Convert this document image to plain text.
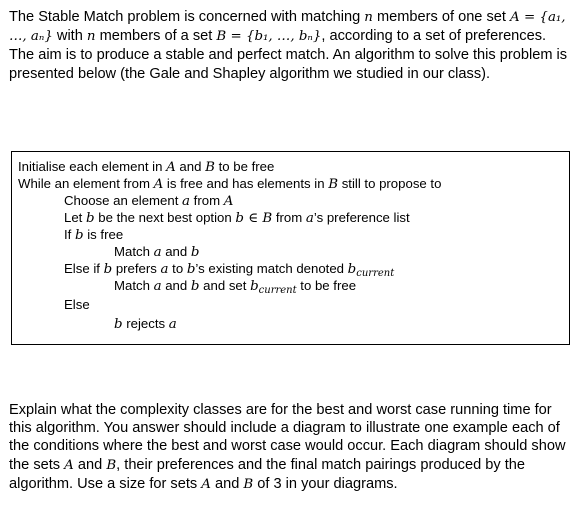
The Stable Match problem is concerned with matching n members of one set A = {a₁, …, aₙ} with n members of a set B = {b₁, …, bₙ}, according to a set of preferences. The aim is to produce a stable and perfect match. An algorithm to solve this problem is presented below (the Gale and Shapley algorithm we studied in our class).

Initialise each element in A and B to be free
While an element from A is free and has elements in B still to propose to
Choose an element a from A
Let b be the next best option b ∈ B from a’s preference list
If b is free
Match a and b
Else if b prefers a to b’s existing match denoted $b_{current}$
Match a and b and set $b_{current}$ to be free
Else
b rejects a

Explain what the complexity classes are for the best and worst case running time for this algorithm. You answer should include a diagram to illustrate one example each of the conditions where the best and worst case would occur. Each diagram should show the sets A and B, their preferences and the final match pairings produced by the algorithm. Use a size for sets A and B of 3 in your diagrams.
